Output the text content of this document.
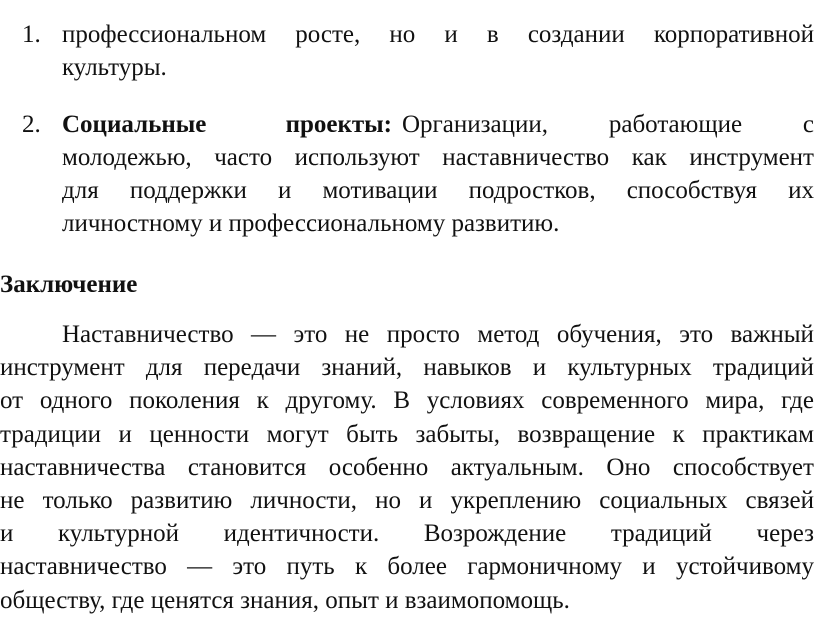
1. профессиональном росте, но и в создании корпоративной
культуры.
2. Социальные	проекты: Организации, работающие с
молодежью, часто используют наставничество как инструмент
для поддержки и мотивации подростков, способствуя их
личностному и профессиональному развитию.
Заключение
Наставничество — это не просто метод обучения, это важный
инструмент для передачи знаний, навыков и культурных традиций
от одного поколения к другому. В условиях современного мира, где
традиции и ценности могут быть забыты, возвращение к практикам
наставничества становится особенно актуальным. Оно способствует
не только развитию личности, но и укреплению социальных связей
и культурной идентичности. Возрождение традиций через
наставничество — это путь к более гармоничному и устойчивому
обществу, где ценятся знания, опыт и взаимопомощь.
